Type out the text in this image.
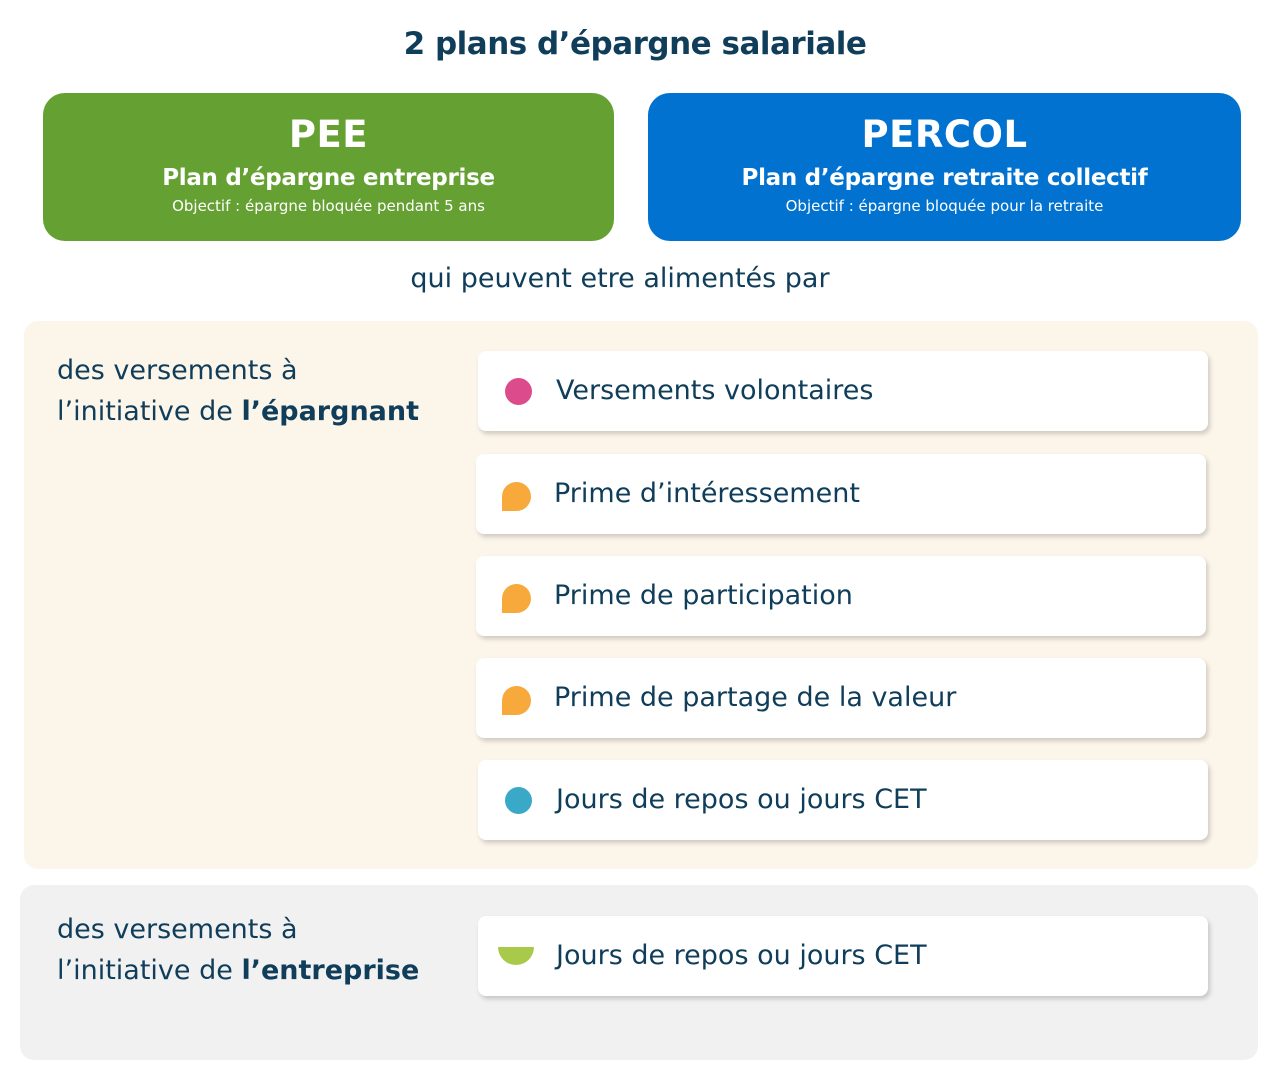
2 plans d’épargne salariale
PEE
Plan d’épargne entreprise
Objectif : épargne bloquée pendant 5 ans
PERCOL
Plan d’épargne retraite collectif
Objectif : épargne bloquée pour la retraite
qui peuvent etre alimentés par
des versements à
l’initiative de l’épargnant
Versements volontaires
Prime d’intéressement
Prime de participation
Prime de partage de la valeur
Jours de repos ou jours CET
des versements à
l’initiative de l’entreprise	Jours de repos ou jours CET
